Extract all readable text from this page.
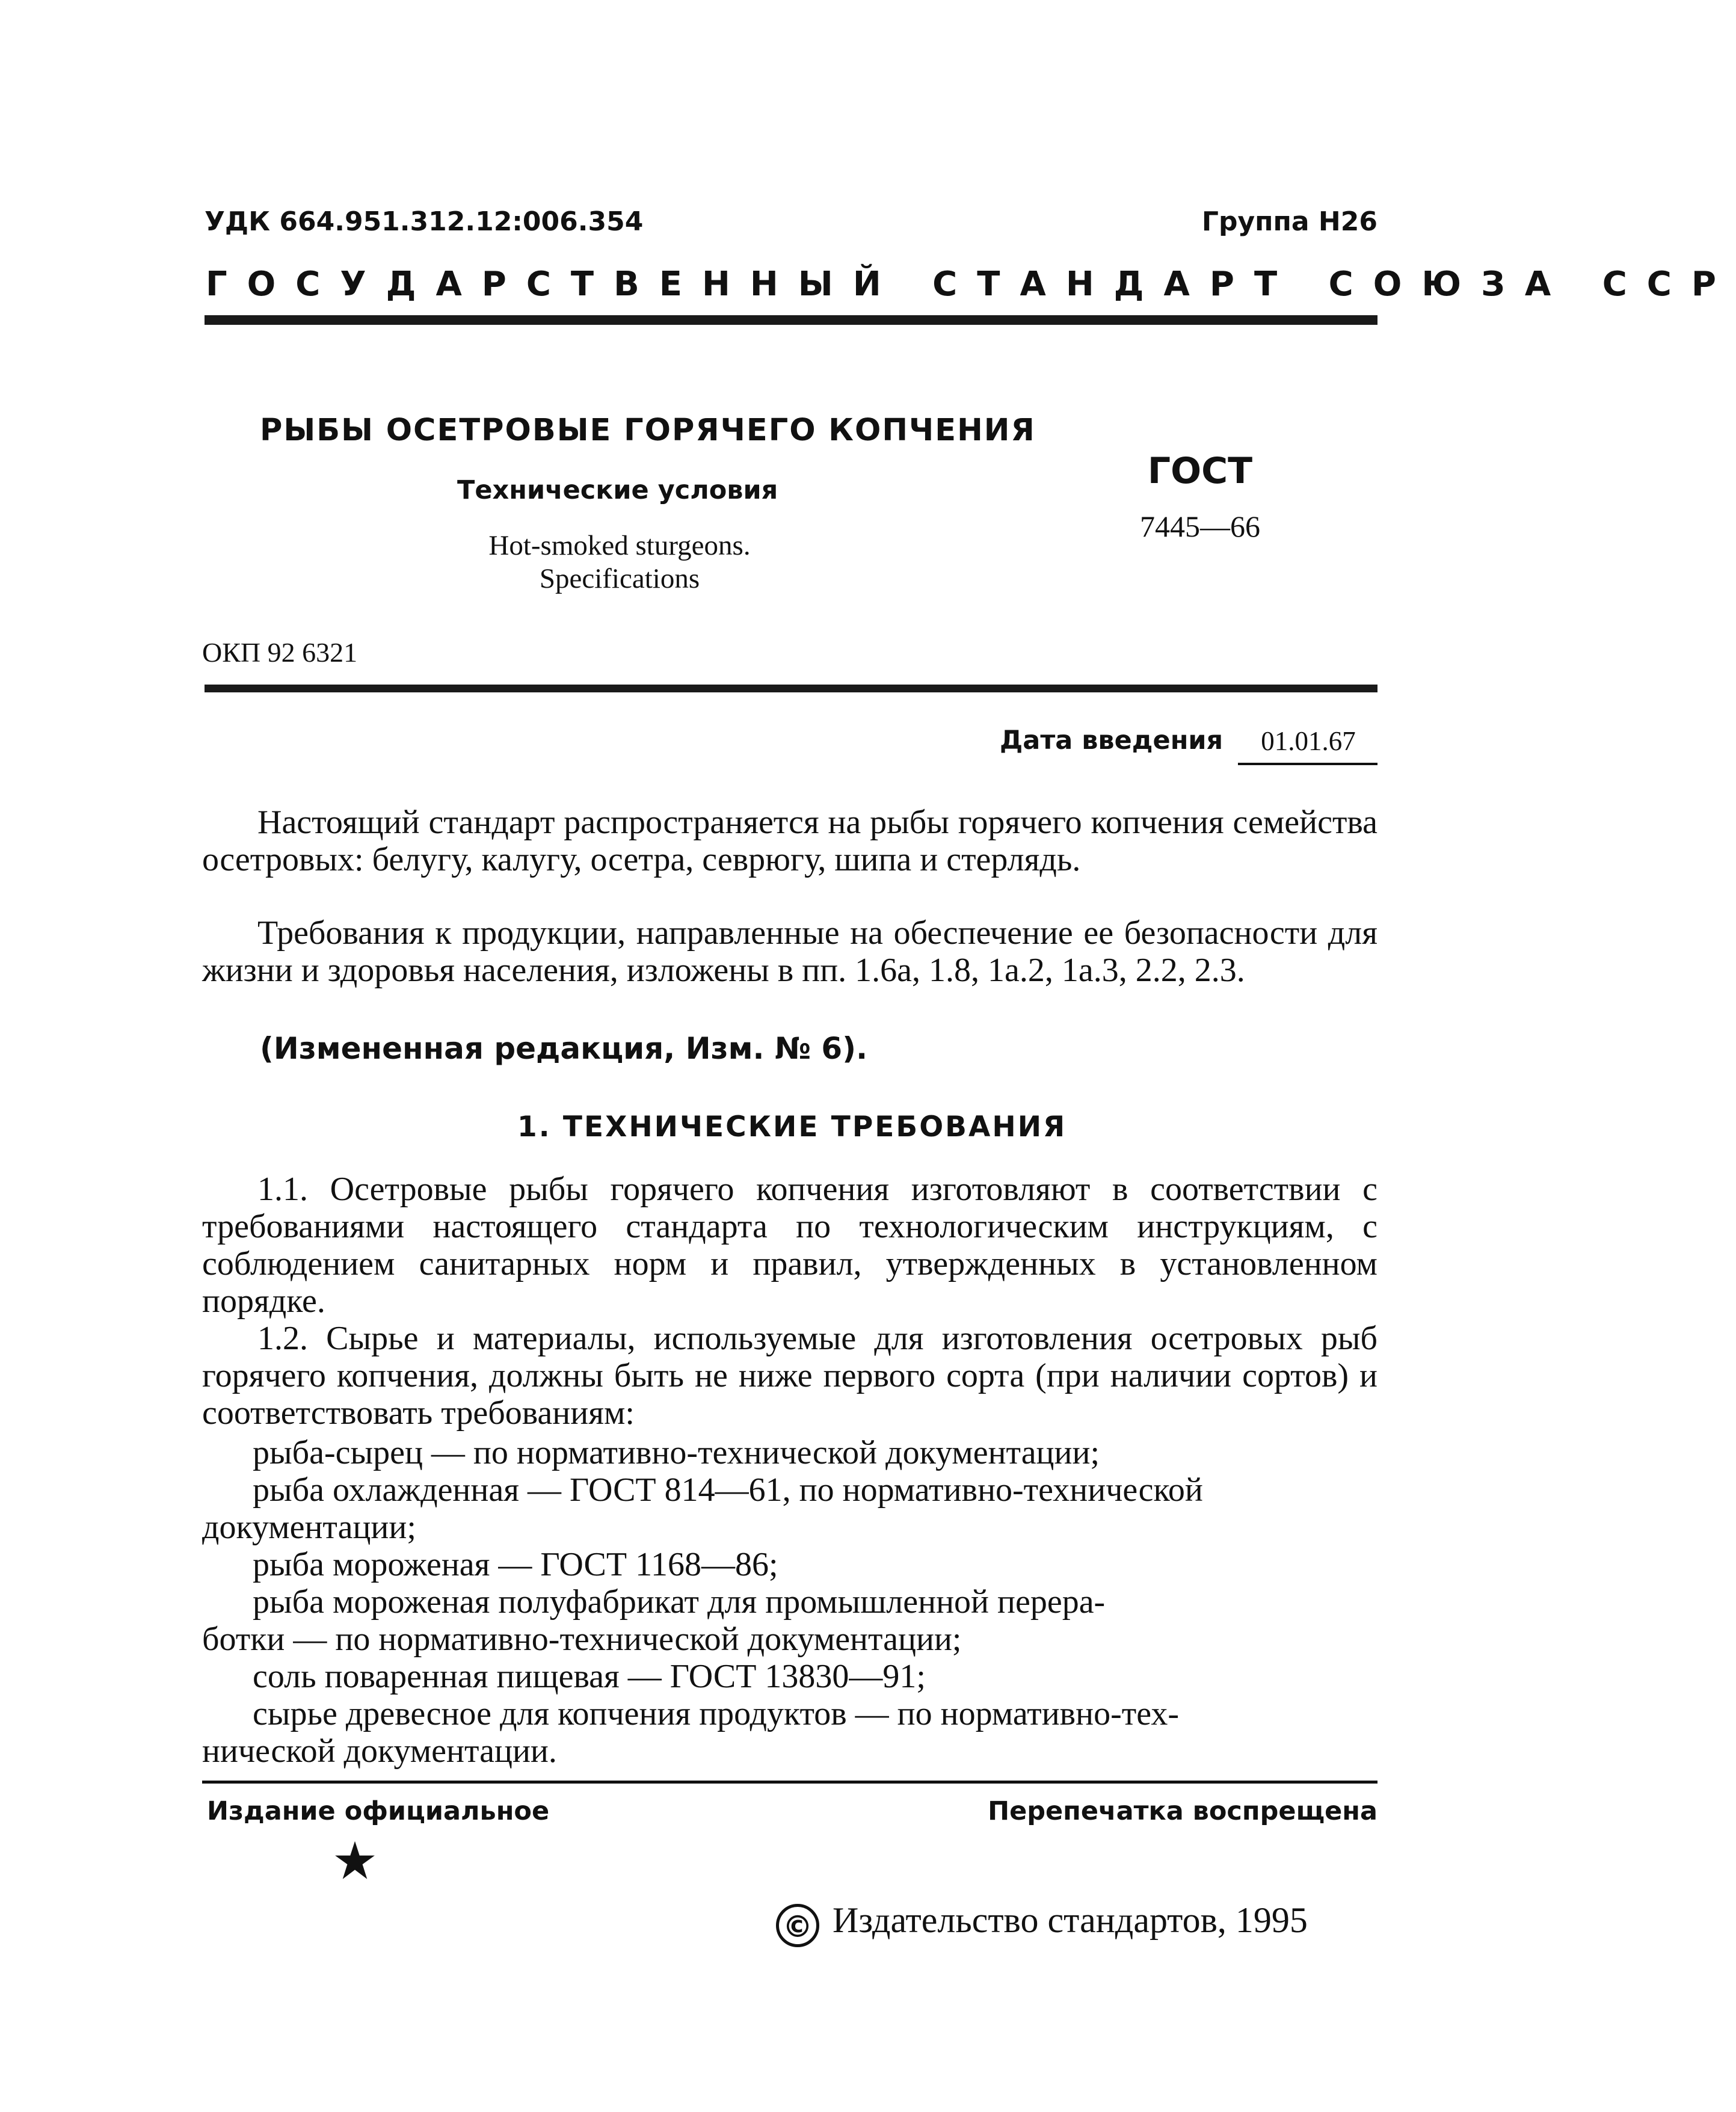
УДК 664.951.312.12:006.354	Группа Н26
ГОСУДАРСТВЕННЫЙ СТАНДАРТ СОЮЗА ССР
РЫБЫ ОСЕТРОВЫЕ ГОРЯЧЕГО КОПЧЕНИЯ
Технические условия
Hot-smoked sturgeons.
Specifications
ГОСТ
7445—66
ОКП 92 6321
Дата введения	01.01.67
Настоящий стандарт распространяется на рыбы горячего копчения семейства осетровых: белугу, калугу, осетра, севрюгу, шипа и стерлядь.
Требования к продукции, направленные на обеспечение ее безопасности для жизни и здоровья населения, изложены в пп. 1.6а, 1.8, 1а.2, 1а.3, 2.2, 2.3.
(Измененная редакция, Изм. № 6).
1. ТЕХНИЧЕСКИЕ ТРЕБОВАНИЯ
1.1. Осетровые рыбы горячего копчения изготовляют в соответствии с требованиями настоящего стандарта по технологическим инструкциям, с соблюдением санитарных норм и правил, утвержденных в установленном порядке.
1.2. Сырье и материалы, используемые для изготовления осетровых рыб горячего копчения, должны быть не ниже первого сорта (при наличии сортов) и соответствовать требованиям:
рыба-сырец — по нормативно-технической документации;
рыба охлажденная — ГОСТ 814—61, по нормативно-технической
документации;
рыба мороженая — ГОСТ 1168—86;
рыба мороженая полуфабрикат для промышленной перера-
ботки — по нормативно-технической документации;
соль поваренная пищевая — ГОСТ 13830—91;
сырье древесное для копчения продуктов — по нормативно-тех-
нической документации.
Издание официальное	Перепечатка воспрещена
© Издательство стандартов, 1995
